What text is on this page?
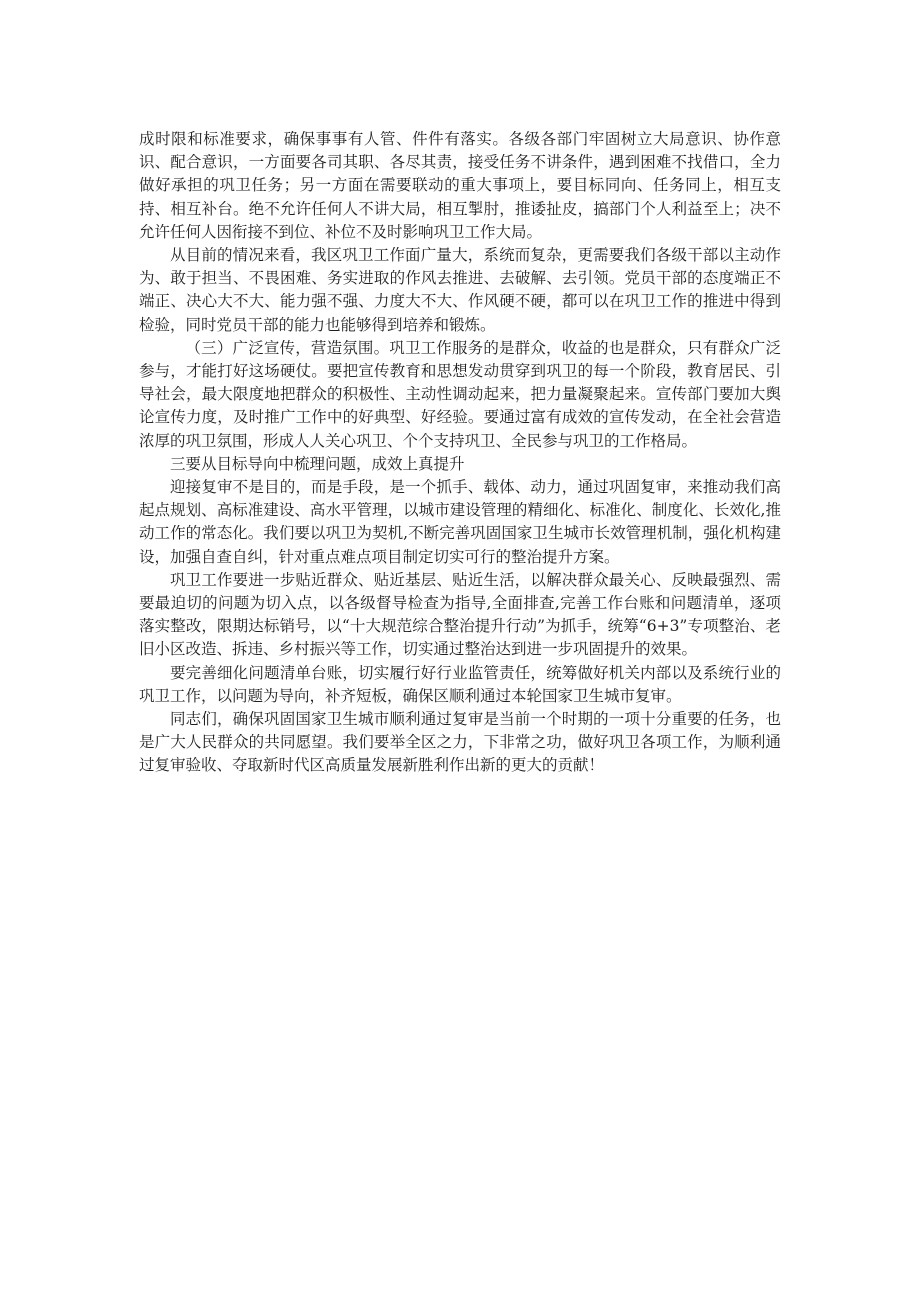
成时限和标准要求，确保事事有人管、件件有落实。各级各部门牢固树立大局意识、协作意识、配合意识，一方面要各司其职、各尽其责，接受任务不讲条件，遇到困难不找借口，全力做好承担的巩卫任务；另一方面在需要联动的重大事项上，要目标同向、任务同上，相互支持、相互补台。绝不允许任何人不讲大局，相互掣肘，推诿扯皮，搞部门个人利益至上；决不允许任何人因衔接不到位、补位不及时影响巩卫工作大局。

从目前的情况来看，我区巩卫工作面广量大，系统而复杂，更需要我们各级干部以主动作为、敢于担当、不畏困难、务实进取的作风去推进、去破解、去引领。党员干部的态度端正不端正、决心大不大、能力强不强、力度大不大、作风硬不硬，都可以在巩卫工作的推进中得到检验，同时党员干部的能力也能够得到培养和锻炼。

（三）广泛宣传，营造氛围。巩卫工作服务的是群众，收益的也是群众，只有群众广泛参与，才能打好这场硬仗。要把宣传教育和思想发动贯穿到巩卫的每一个阶段，教育居民、引导社会，最大限度地把群众的积极性、主动性调动起来，把力量凝聚起来。宣传部门要加大舆论宣传力度，及时推广工作中的好典型、好经验。要通过富有成效的宣传发动，在全社会营造浓厚的巩卫氛围，形成人人关心巩卫、个个支持巩卫、全民参与巩卫的工作格局。

三要从目标导向中梳理问题，成效上真提升

迎接复审不是目的，而是手段，是一个抓手、载体、动力，通过巩固复审，来推动我们高起点规划、高标准建设、高水平管理，以城市建设管理的精细化、标准化、制度化、长效化,推动工作的常态化。我们要以巩卫为契机,不断完善巩固国家卫生城市长效管理机制，强化机构建设，加强自查自纠，针对重点难点项目制定切实可行的整治提升方案。

巩卫工作要进一步贴近群众、贴近基层、贴近生活，以解决群众最关心、反映最强烈、需要最迫切的问题为切入点，以各级督导检查为指导,全面排查,完善工作台账和问题清单，逐项落实整改，限期达标销号，以“十大规范综合整治提升行动”为抓手，统筹“6+3”专项整治、老旧小区改造、拆违、乡村振兴等工作，切实通过整治达到进一步巩固提升的效果。

要完善细化问题清单台账，切实履行好行业监管责任，统筹做好机关内部以及系统行业的巩卫工作，以问题为导向，补齐短板，确保区顺利通过本轮国家卫生城市复审。

同志们，确保巩固国家卫生城市顺利通过复审是当前一个时期的一项十分重要的任务，也是广大人民群众的共同愿望。我们要举全区之力，下非常之功，做好巩卫各项工作，为顺利通过复审验收、夺取新时代区高质量发展新胜利作出新的更大的贡献！
